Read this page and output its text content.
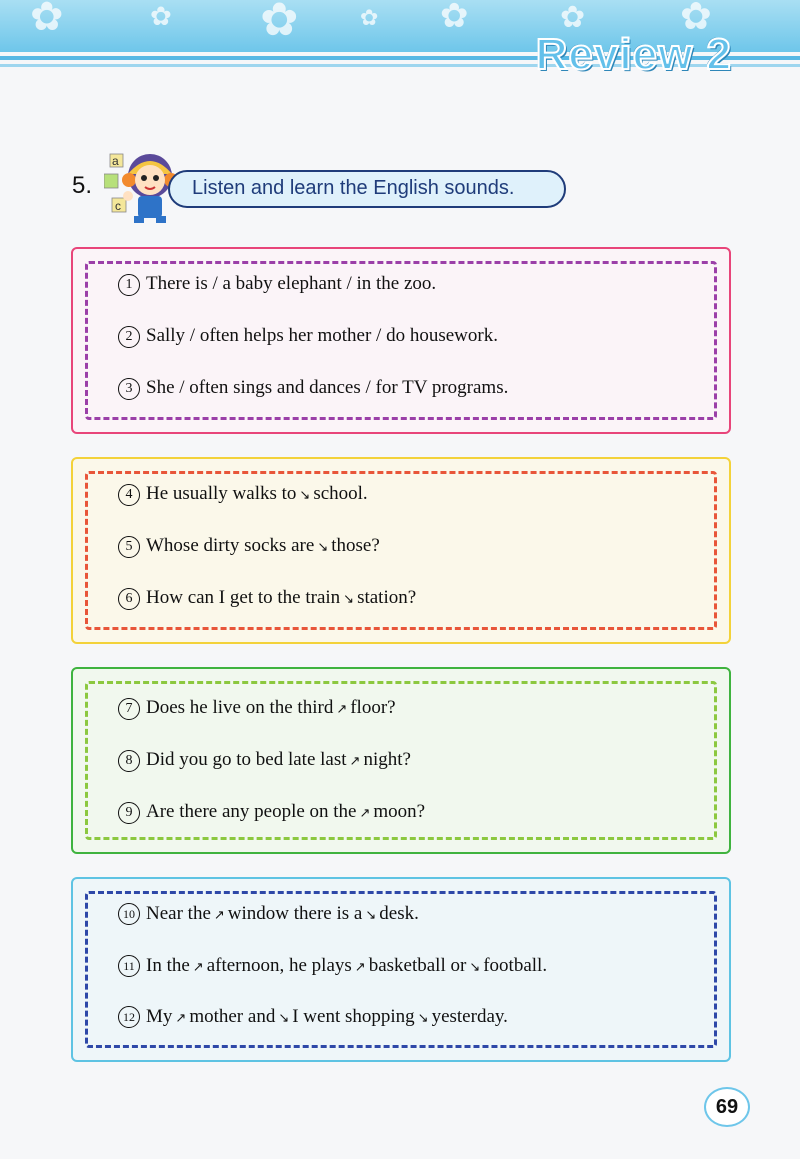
✿	✿ ✿	✿ ✿	✿ ✿
Review 2
5.
a
c
Listen and learn the English sounds.
1 There is / a baby elephant / in the zoo.
2 Sally / often helps her mother / do housework.
3 She / often sings and dances / for TV programs.
4 He usually walks to ↘ school.
5 Whose dirty socks are ↘ those?
6 How can I get to the train ↘ station?
7 Does he live on the third ↗ floor?
8 Did you go to bed late last ↗ night?
9 Are there any people on the ↗ moon?
10 Near the ↗ window there is a ↘ desk.
11 In the ↗ afternoon, he plays ↗ basketball or ↘ football.
12 My ↗ mother and ↘ I went shopping ↘ yesterday.
69
